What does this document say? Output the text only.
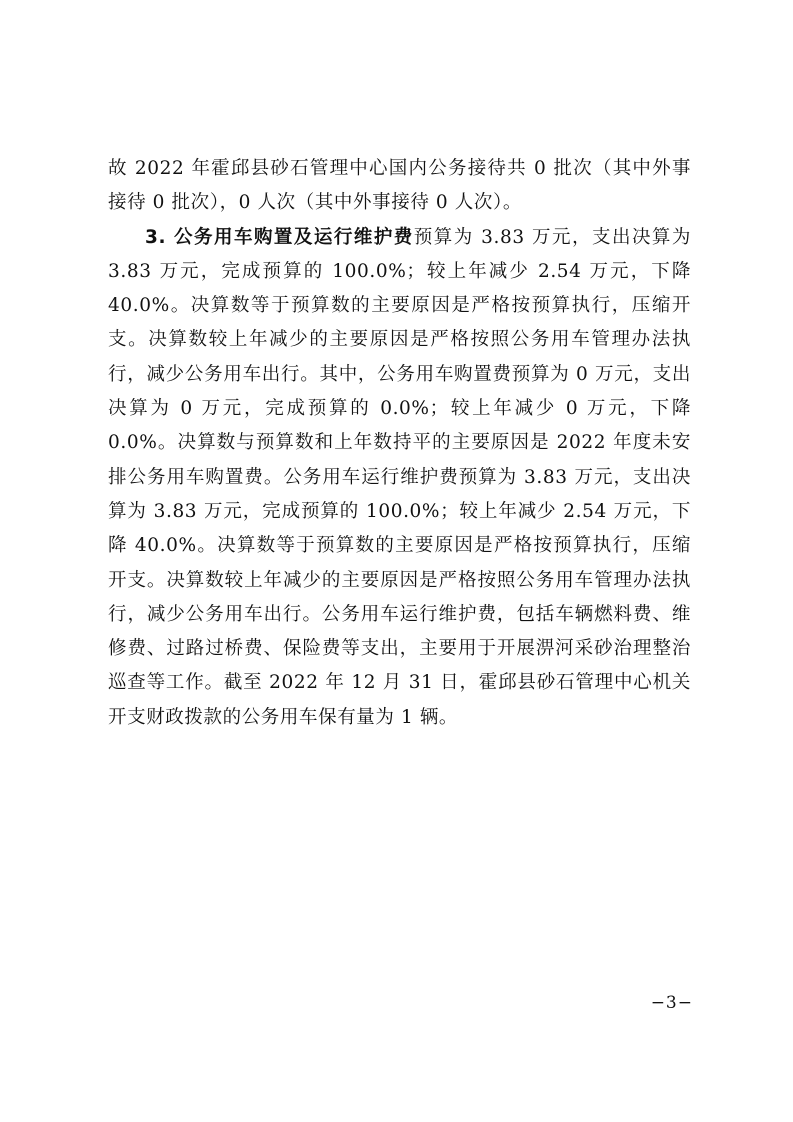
故 2022 年霍邱县砂石管理中心国内公务接待共 0 批次（其中外事接待 0 批次），0 人次（其中外事接待 0 人次）。

3. 公务用车购置及运行维护费预算为 3.83 万元，支出决算为 3.83 万元，完成预算的 100.0%；较上年减少 2.54 万元，下降 40.0%。决算数等于预算数的主要原因是严格按预算执行，压缩开支。决算数较上年减少的主要原因是严格按照公务用车管理办法执行，减少公务用车出行。其中，公务用车购置费预算为 0 万元，支出决算为 0 万元，完成预算的 0.0%；较上年减少 0 万元，下降 0.0%。决算数与预算数和上年数持平的主要原因是 2022 年度未安排公务用车购置费。公务用车运行维护费预算为 3.83 万元，支出决算为 3.83 万元，完成预算的 100.0%；较上年减少 2.54 万元，下降 40.0%。决算数等于预算数的主要原因是严格按预算执行，压缩开支。决算数较上年减少的主要原因是严格按照公务用车管理办法执行，减少公务用车出行。公务用车运行维护费，包括车辆燃料费、维修费、过路过桥费、保险费等支出，主要用于开展淠河采砂治理整治巡查等工作。截至 2022 年 12 月 31 日，霍邱县砂石管理中心机关开支财政拨款的公务用车保有量为 1 辆。

−3−
